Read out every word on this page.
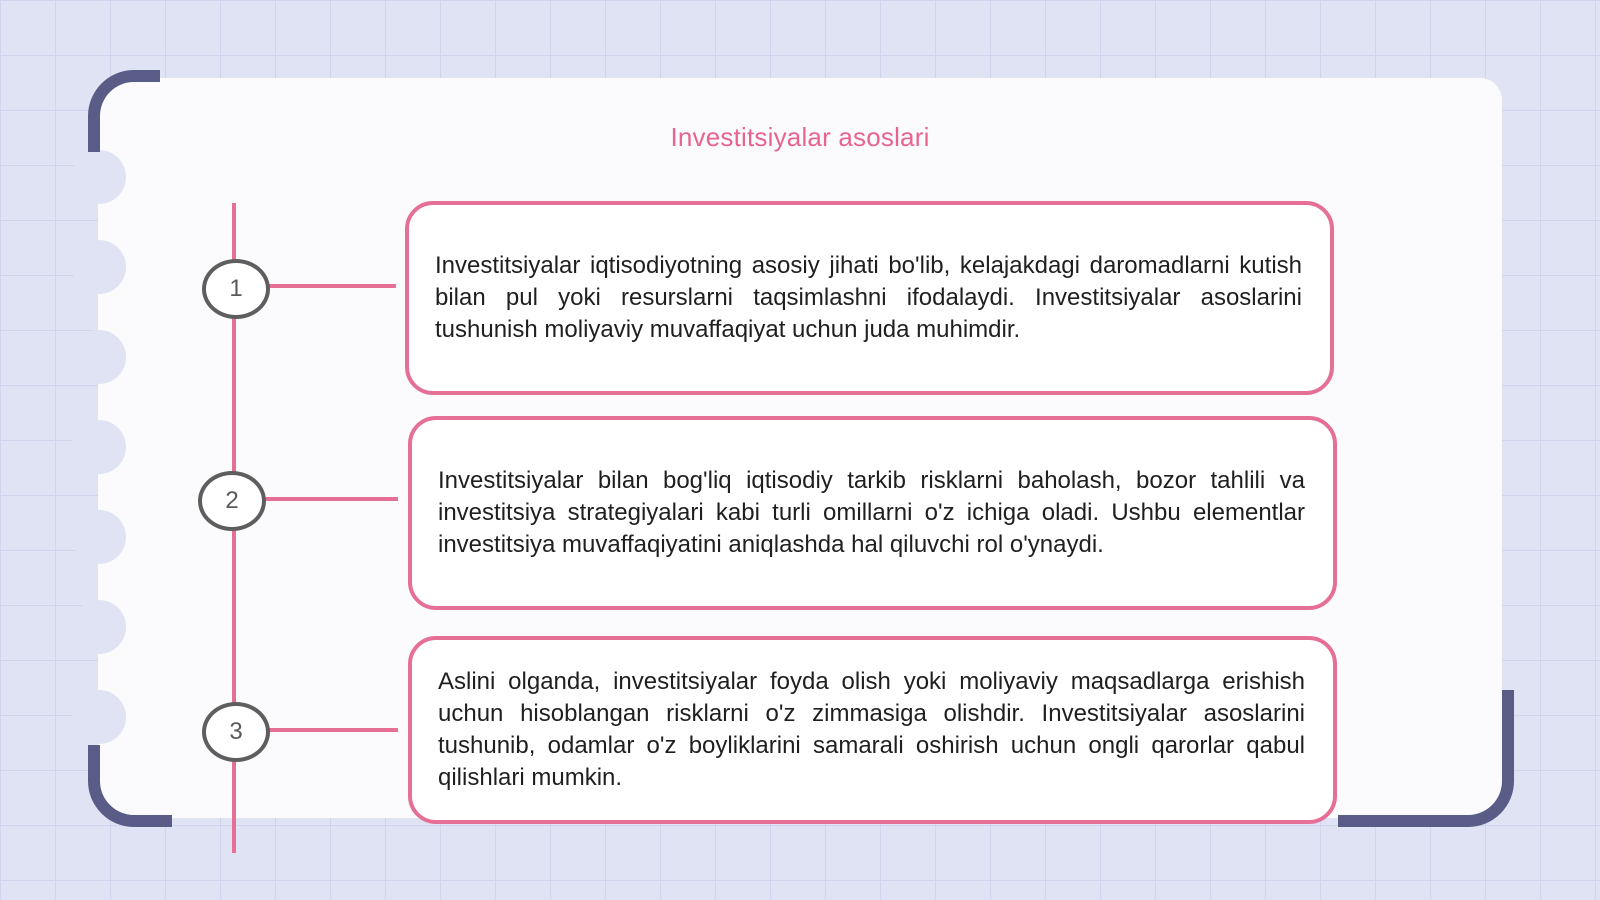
Investitsiyalar asoslari
1

Investitsiyalar iqtisodiyotning asosiy jihati bo'lib, kelajakdagi daromadlarni kutish bilan pul yoki resurslarni taqsimlashni ifodalaydi. Investitsiyalar asoslarini tushunish moliyaviy muvaffaqiyat uchun juda muhimdir.

2

Investitsiyalar bilan bog'liq iqtisodiy tarkib risklarni baholash, bozor tahlili va investitsiya strategiyalari kabi turli omillarni o'z ichiga oladi. Ushbu elementlar investitsiya muvaffaqiyatini aniqlashda hal qiluvchi rol o'ynaydi.

3

Aslini olganda, investitsiyalar foyda olish yoki moliyaviy maqsadlarga erishish uchun hisoblangan risklarni o'z zimmasiga olishdir. Investitsiyalar asoslarini tushunib, odamlar o'z boyliklarini samarali oshirish uchun ongli qarorlar qabul qilishlari mumkin.
